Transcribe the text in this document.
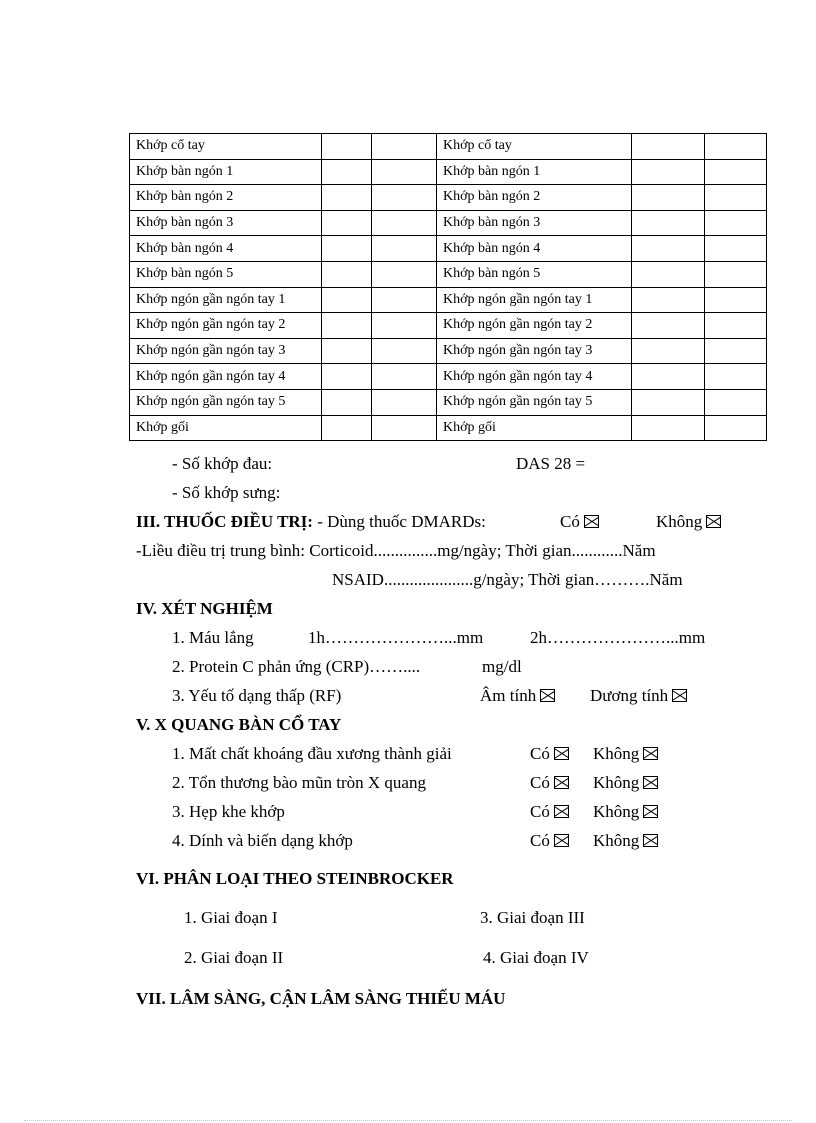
Khớp cổ tay			Khớp cổ tay		
Khớp bàn ngón 1			Khớp bàn ngón 1		
Khớp bàn ngón 2			Khớp bàn ngón 2		
Khớp bàn ngón 3			Khớp bàn ngón 3		
Khớp bàn ngón 4			Khớp bàn ngón 4		
Khớp bàn ngón 5			Khớp bàn ngón 5		
Khớp ngón gần ngón tay 1			Khớp ngón gần ngón tay 1		
Khớp ngón gần ngón tay 2			Khớp ngón gần ngón tay 2		
Khớp ngón gần ngón tay 3			Khớp ngón gần ngón tay 3		
Khớp ngón gần ngón tay 4			Khớp ngón gần ngón tay 4		
Khớp ngón gần ngón tay 5			Khớp ngón gần ngón tay 5		
Khớp gối			Khớp gối		
- Số khớp đau:	DAS 28 =
- Số khớp sưng:
III. THUỐC ĐIỀU TRỊ: - Dùng thuốc DMARDs:	Có	Không
-Liều điều trị trung bình: Corticoid...............mg/ngày; Thời gian............Năm
NSAID.....................g/ngày; Thời gian……….Năm
IV. XÉT NGHIỆM
1. Máu lắng	1h…………………...mm	2h…………………...mm
2. Protein C phản ứng (CRP)……....	mg/dl
3. Yếu tố dạng thấp (RF)	Âm tính	Dương tính
V. X QUANG BÀN CỔ TAY
1. Mất chất khoáng đầu xương thành giải	Có	Không
2. Tổn thương bào mũn tròn X quang	Có	Không
3. Hẹp khe khớp	Có	Không
4. Dính và biến dạng khớp	Có	Không
VI. PHÂN LOẠI THEO STEINBROCKER
1. Giai đoạn I	3. Giai đoạn III
2. Giai đoạn II	4. Giai đoạn IV
VII. LÂM SÀNG, CẬN LÂM SÀNG THIẾU MÁU
